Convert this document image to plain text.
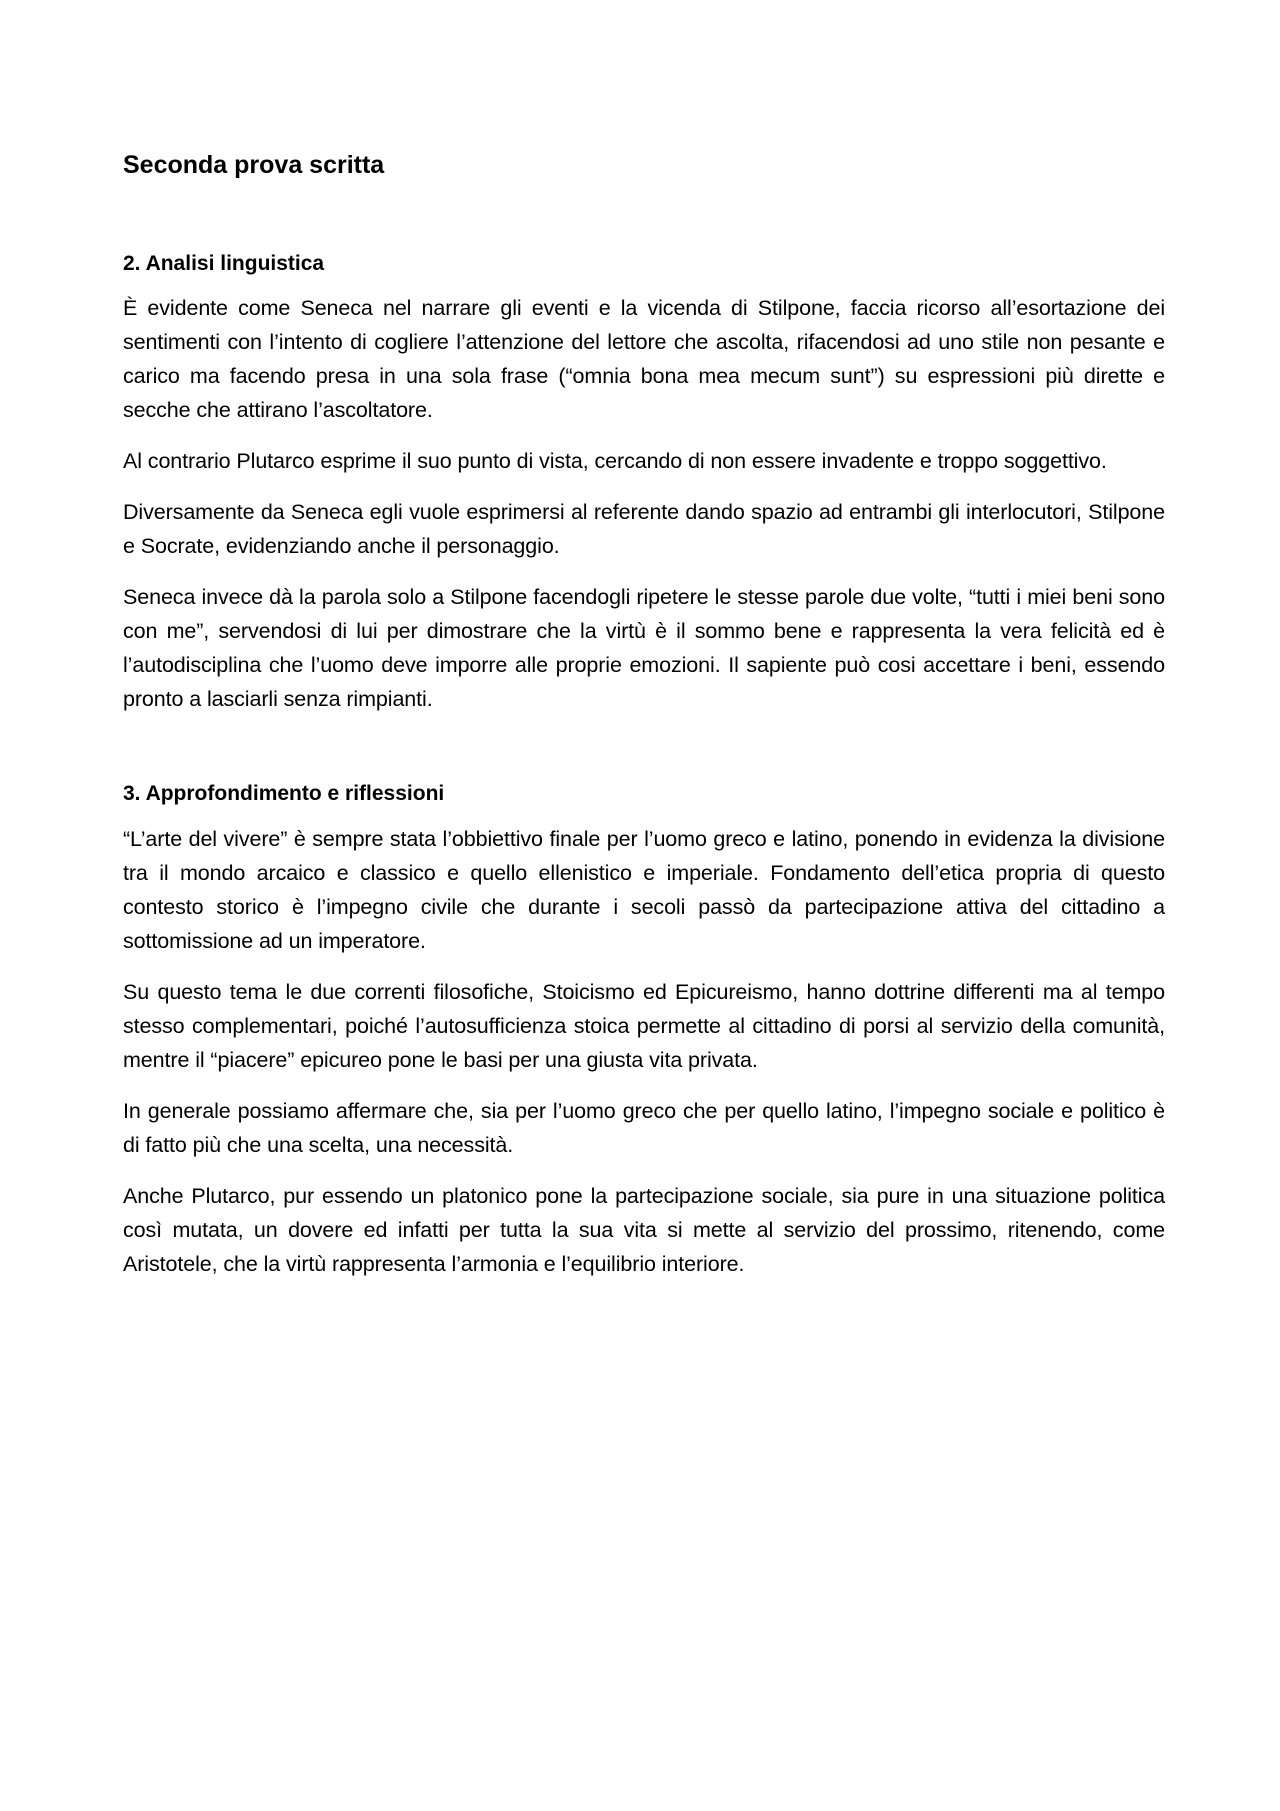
Seconda prova scritta
2. Analisi linguistica

È evidente come Seneca nel narrare gli eventi e la vicenda di Stilpone, faccia ricorso all’esortazione dei sentimenti con l’intento di cogliere l’attenzione del lettore che ascolta, rifacendosi ad uno stile non pesante e carico ma facendo presa in una sola frase (“omnia bona mea mecum sunt”) su espressioni più dirette e secche che attirano l’ascoltatore.

Al contrario Plutarco esprime il suo punto di vista, cercando di non essere invadente e troppo soggettivo.

Diversamente da Seneca egli vuole esprimersi al referente dando spazio ad entrambi gli interlocutori, Stilpone e Socrate, evidenziando anche il personaggio.

Seneca invece dà la parola solo a Stilpone facendogli ripetere le stesse parole due volte, “tutti i miei beni sono con me”, servendosi di lui per dimostrare che la virtù è il sommo bene e rappresenta la vera felicità ed è l’autodisciplina che l’uomo deve imporre alle proprie emozioni. Il sapiente può cosi accettare i beni, essendo pronto a lasciarli senza rimpianti.

3. Approfondimento e riflessioni

“L’arte del vivere” è sempre stata l’obbiettivo finale per l’uomo greco e latino, ponendo in evidenza la divisione tra il mondo arcaico e classico e quello ellenistico e imperiale. Fondamento dell’etica propria di questo contesto storico è l’impegno civile che durante i secoli passò da partecipazione attiva del cittadino a sottomissione ad un imperatore.

Su questo tema le due correnti filosofiche, Stoicismo ed Epicureismo, hanno dottrine differenti ma al tempo stesso complementari, poiché l’autosufficienza stoica permette al cittadino di porsi al servizio della comunità, mentre il “piacere” epicureo pone le basi per una giusta vita privata.

In generale possiamo affermare che, sia per l’uomo greco che per quello latino, l’impegno sociale e politico è di fatto più che una scelta, una necessità.

Anche Plutarco, pur essendo un platonico pone la partecipazione sociale, sia pure in una situazione politica così mutata, un dovere ed infatti per tutta la sua vita si mette al servizio del prossimo, ritenendo, come Aristotele, che la virtù rappresenta l’armonia e l’equilibrio interiore.
